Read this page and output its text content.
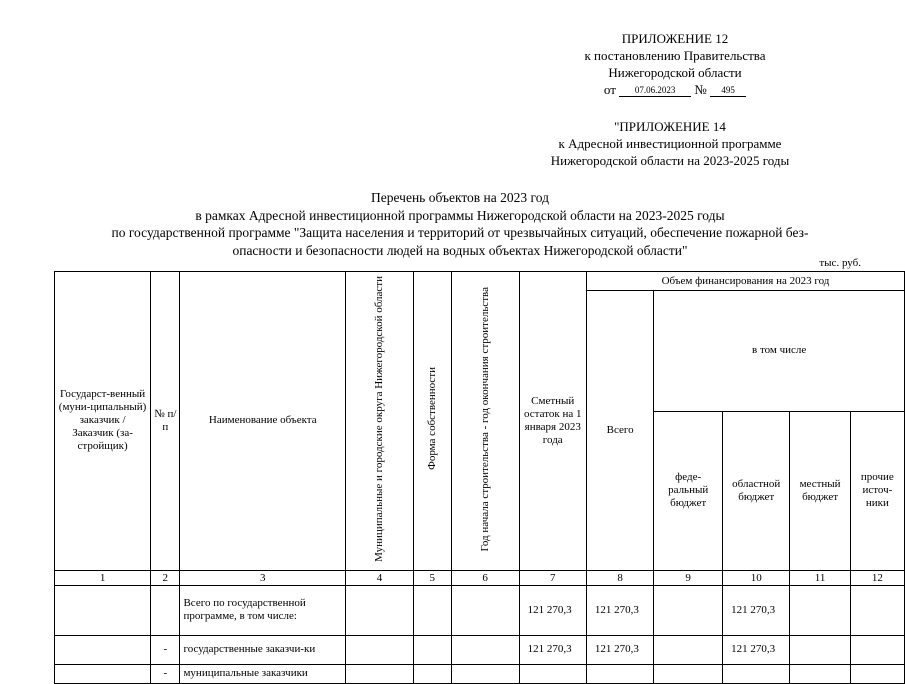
ПРИЛОЖЕНИЕ 12
к постановлению Правительства
Нижегородской области
от 07.06.2023 № 495
"ПРИЛОЖЕНИЕ 14
к Адресной инвестиционной программе
Нижегородской области на 2023-2025 годы
Перечень объектов на 2023 год
в рамках Адресной инвестиционной программы Нижегородской области на 2023-2025 годы
по государственной программе "Защита населения и территорий от чрезвычайных ситуаций, обеспечение пожарной без-
опасности и безопасности людей на водных объектах Нижегородской области"
тыс. руб.
Государст-венный (муни-ципальный) заказчик / Заказчик (за-стройщик)	№ п/п	Наименование объекта	Муниципальные и городские округа Нижегородской области	Форма собственности	Год начала строительства - год окончания строительства	Сметный остаток на 1 января 2023 года	Объем финансирования на 2023 год				
							Всего	в том числе			
								феде-ральный бюджет	областной бюджет	местный бюджет	прочие источ-ники
1	2	3	4	5	6	7	8	9	10	11	12
		Всего по государственной программе, в том числе:				121 270,3	121 270,3		121 270,3		
	-	государственные заказчи-ки				121 270,3	121 270,3		121 270,3		
	-	муниципальные заказчики									
